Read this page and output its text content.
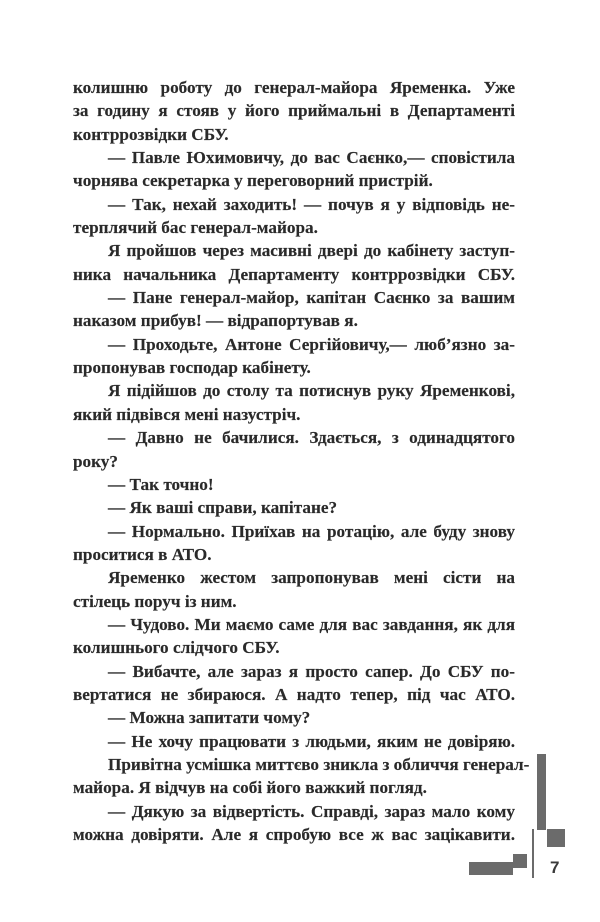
колишню роботу до генерал-майора Яременка. Уже
за годину я стояв у його приймальні в Департаменті
контррозвідки СБУ.
— Павле Юхимовичу, до вас Саєнко,— сповістила
чорнява секретарка у переговорний пристрій.
— Так, нехай заходить! — почув я у відповідь не-
терплячий бас генерал-майора.
Я пройшов через масивні двері до кабінету заступ-
ника начальника Департаменту контррозвідки СБУ.
— Пане генерал-майор, капітан Саєнко за вашим
наказом прибув! — відрапортував я.
— Проходьте, Антоне Сергійовичу,— люб’язно за-
пропонував господар кабінету.
Я підійшов до столу та потиснув руку Яременкові,
який підвівся мені назустріч.
— Давно не бачилися. Здається, з одинадцятого
року?
— Так точно!
— Як ваші справи, капітане?
— Нормально. Приїхав на ротацію, але буду знову
проситися в АТО.
Яременко жестом запропонував мені сісти на
стілець поруч із ним.
— Чудово. Ми маємо саме для вас завдання, як для
колишнього слідчого СБУ.
— Вибачте, але зараз я просто сапер. До СБУ по-
вертатися не збираюся. А надто тепер, під час АТО.
— Можна запитати чому?
— Не хочу працювати з людьми, яким не довіряю.
Привітна усмішка миттєво зникла з обличчя генерал-
майора. Я відчув на собі його важкий погляд.
— Дякую за відвертість. Справді, зараз мало кому
можна довіряти. Але я спробую все ж вас зацікавити.
7
